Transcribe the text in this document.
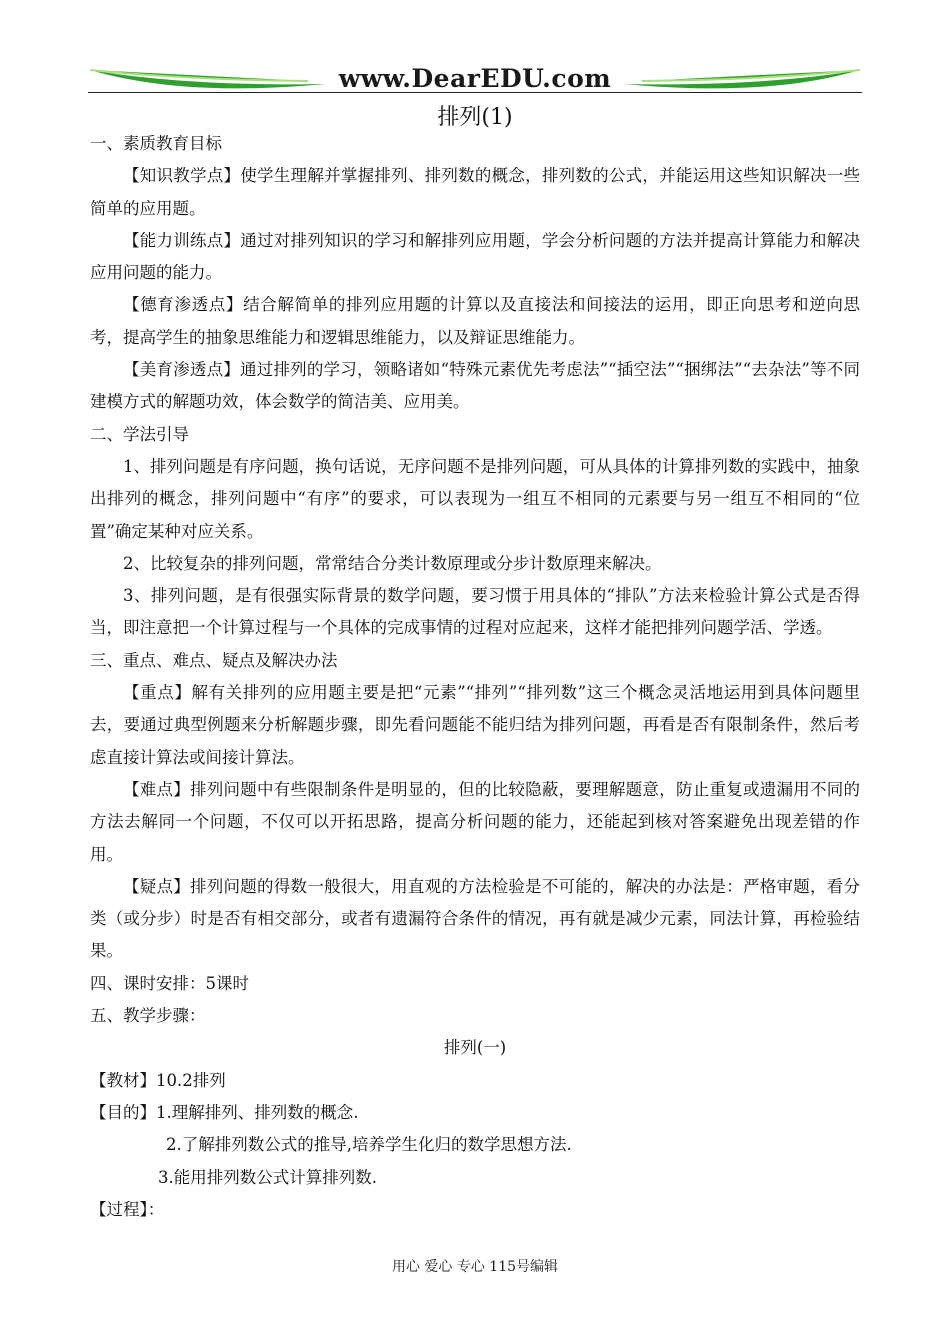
www.DearEDU.com
排列(1)

一、素质教育目标

【知识教学点】使学生理解并掌握排列、排列数的概念，排列数的公式，并能运用这些知识解决一些简单的应用题。

【能力训练点】通过对排列知识的学习和解排列应用题，学会分析问题的方法并提高计算能力和解决应用问题的能力。

【德育渗透点】结合解简单的排列应用题的计算以及直接法和间接法的运用，即正向思考和逆向思考，提高学生的抽象思维能力和逻辑思维能力，以及辩证思维能力。

【美育渗透点】通过排列的学习，领略诸如“特殊元素优先考虑法”“插空法”“捆绑法”“去杂法”等不同建模方式的解题功效，体会数学的简洁美、应用美。

二、学法引导

1、排列问题是有序问题，换句话说，无序问题不是排列问题，可从具体的计算排列数的实践中，抽象出排列的概念，排列问题中“有序”的要求，可以表现为一组互不相同的元素要与另一组互不相同的“位置”确定某种对应关系。

2、比较复杂的排列问题，常常结合分类计数原理或分步计数原理来解决。

3、排列问题，是有很强实际背景的数学问题，要习惯于用具体的“排队”方法来检验计算公式是否得当，即注意把一个计算过程与一个具体的完成事情的过程对应起来，这样才能把排列问题学活、学透。

三、重点、难点、疑点及解决办法

【重点】解有关排列的应用题主要是把“元素”“排列”“排列数”这三个概念灵活地运用到具体问题里去，要通过典型例题来分析解题步骤，即先看问题能不能归结为排列问题，再看是否有限制条件，然后考虑直接计算法或间接计算法。

【难点】排列问题中有些限制条件是明显的，但的比较隐蔽，要理解题意，防止重复或遗漏用不同的方法去解同一个问题，不仅可以开拓思路，提高分析问题的能力，还能起到核对答案避免出现差错的作用。

【疑点】排列问题的得数一般很大，用直观的方法检验是不可能的，解决的办法是：严格审题，看分类（或分步）时是否有相交部分，或者有遗漏符合条件的情况，再有就是减少元素，同法计算，再检验结果。

四、课时安排：5课时

五、教学步骤：

排列(一)

【教材】10.2排列

【目的】1.理解排列、排列数的概念.

2.了解排列数公式的推导,培养学生化归的数学思想方法.

3.能用排列数公式计算排列数.

【过程】：

用心 爱心 专心 115号编辑
